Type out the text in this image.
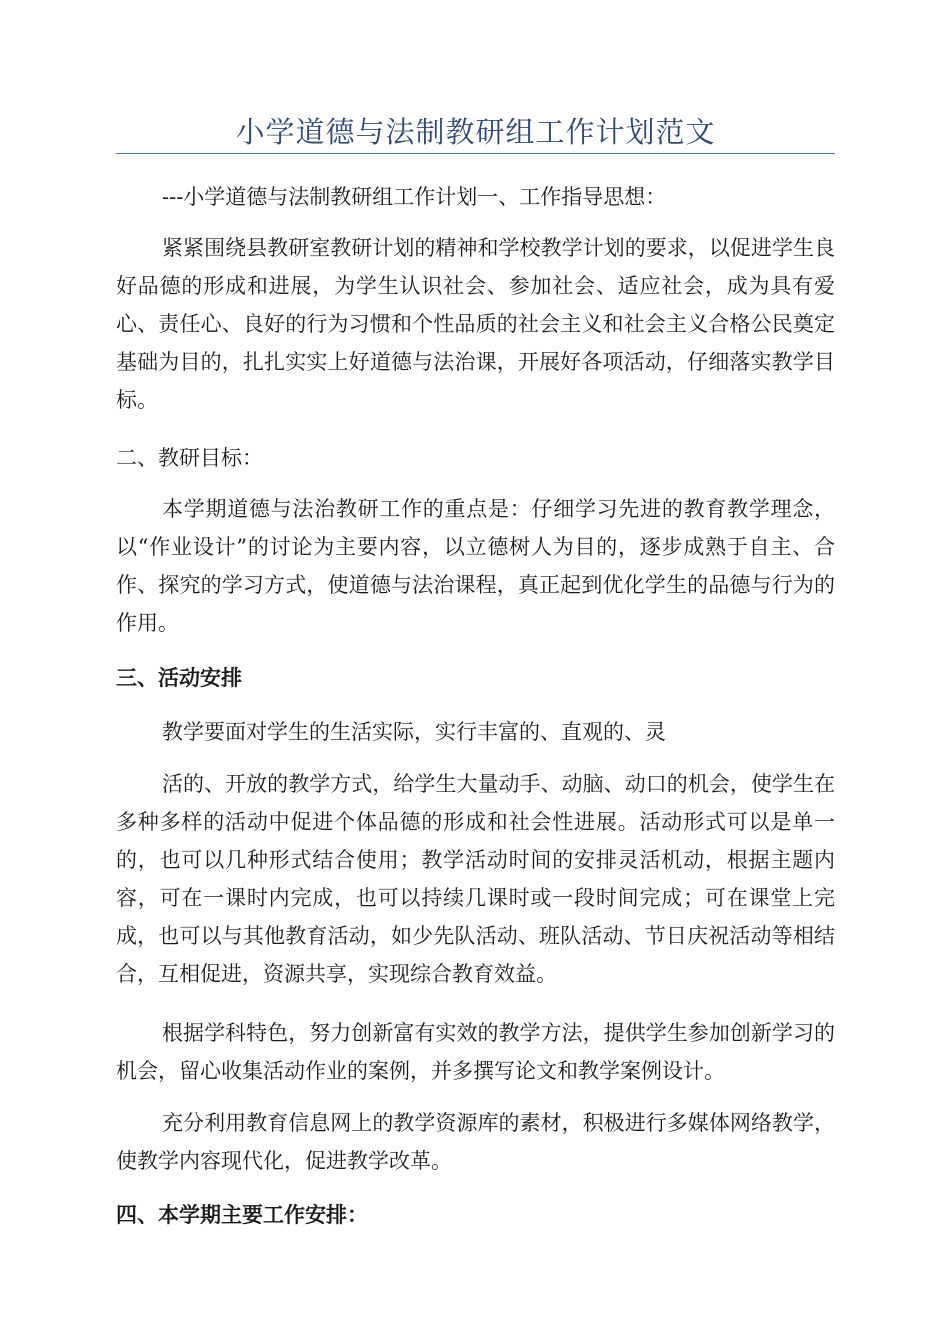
小学道德与法制教研组工作计划范文

---小学道德与法制教研组工作计划一、工作指导思想：

紧紧围绕县教研室教研计划的精神和学校教学计划的要求，以促进学生良好品德的形成和进展，为学生认识社会、参加社会、适应社会，成为具有爱心、责任心、良好的行为习惯和个性品质的社会主义和社会主义合格公民奠定基础为目的，扎扎实实上好道德与法治课，开展好各项活动，仔细落实教学目标。

二、教研目标：

本学期道德与法治教研工作的重点是：仔细学习先进的教育教学理念，以“作业设计”的讨论为主要内容，以立德树人为目的，逐步成熟于自主、合作、探究的学习方式，使道德与法治课程，真正起到优化学生的品德与行为的作用。

三、活动安排

教学要面对学生的生活实际，实行丰富的、直观的、灵

活的、开放的教学方式，给学生大量动手、动脑、动口的机会，使学生在多种多样的活动中促进个体品德的形成和社会性进展。活动形式可以是单一的，也可以几种形式结合使用；教学活动时间的安排灵活机动，根据主题内容，可在一课时内完成，也可以持续几课时或一段时间完成；可在课堂上完成，也可以与其他教育活动，如少先队活动、班队活动、节日庆祝活动等相结合，互相促进，资源共享，实现综合教育效益。

根据学科特色，努力创新富有实效的教学方法，提供学生参加创新学习的机会，留心收集活动作业的案例，并多撰写论文和教学案例设计。

充分利用教育信息网上的教学资源库的素材，积极进行多媒体网络教学，使教学内容现代化，促进教学改革。

四、本学期主要工作安排：
